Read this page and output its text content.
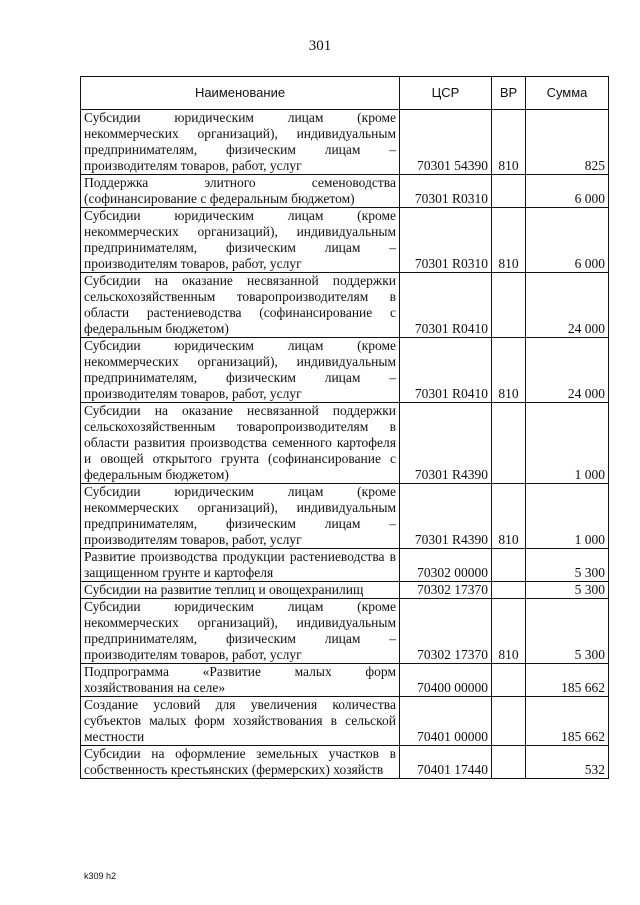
301
Наименование	ЦСР	ВР	Сумма
Субсидии юридическим лицам (кроме некоммерческих организаций), индивидуальным предпринимателям, физическим лицам – производителям товаров, работ, услуг	70301 54390	810	825
Поддержка элитного семеноводства (софинансирование с федеральным бюджетом)	70301 R0310		6 000
Субсидии юридическим лицам (кроме некоммерческих организаций), индивидуальным предпринимателям, физическим лицам – производителям товаров, работ, услуг	70301 R0310	810	6 000
Субсидии на оказание несвязанной поддержки сельскохозяйственным товаропроизводителям в области растениеводства (софинансирование с федеральным бюджетом)	70301 R0410		24 000
Субсидии юридическим лицам (кроме некоммерческих организаций), индивидуальным предпринимателям, физическим лицам – производителям товаров, работ, услуг	70301 R0410	810	24 000
Субсидии на оказание несвязанной поддержки сельскохозяйственным товаропроизводителям в области развития производства семенного картофеля и овощей открытого грунта (софинансирование с федеральным бюджетом)	70301 R4390		1 000
Субсидии юридическим лицам (кроме некоммерческих организаций), индивидуальным предпринимателям, физическим лицам – производителям товаров, работ, услуг	70301 R4390	810	1 000
Развитие производства продукции растениеводства в защищенном грунте и картофеля	70302 00000		5 300
Субсидии на развитие теплиц и овощехранилищ	70302 17370		5 300
Субсидии юридическим лицам (кроме некоммерческих организаций), индивидуальным предпринимателям, физическим лицам – производителям товаров, работ, услуг	70302 17370	810	5 300
Подпрограмма «Развитие малых форм хозяйствования на селе»	70400 00000		185 662
Создание условий для увеличения количества субъектов малых форм хозяйствования в сельской местности	70401 00000		185 662
Субсидии на оформление земельных участков в собственность крестьянских (фермерских) хозяйств	70401 17440		532
k309 h2
